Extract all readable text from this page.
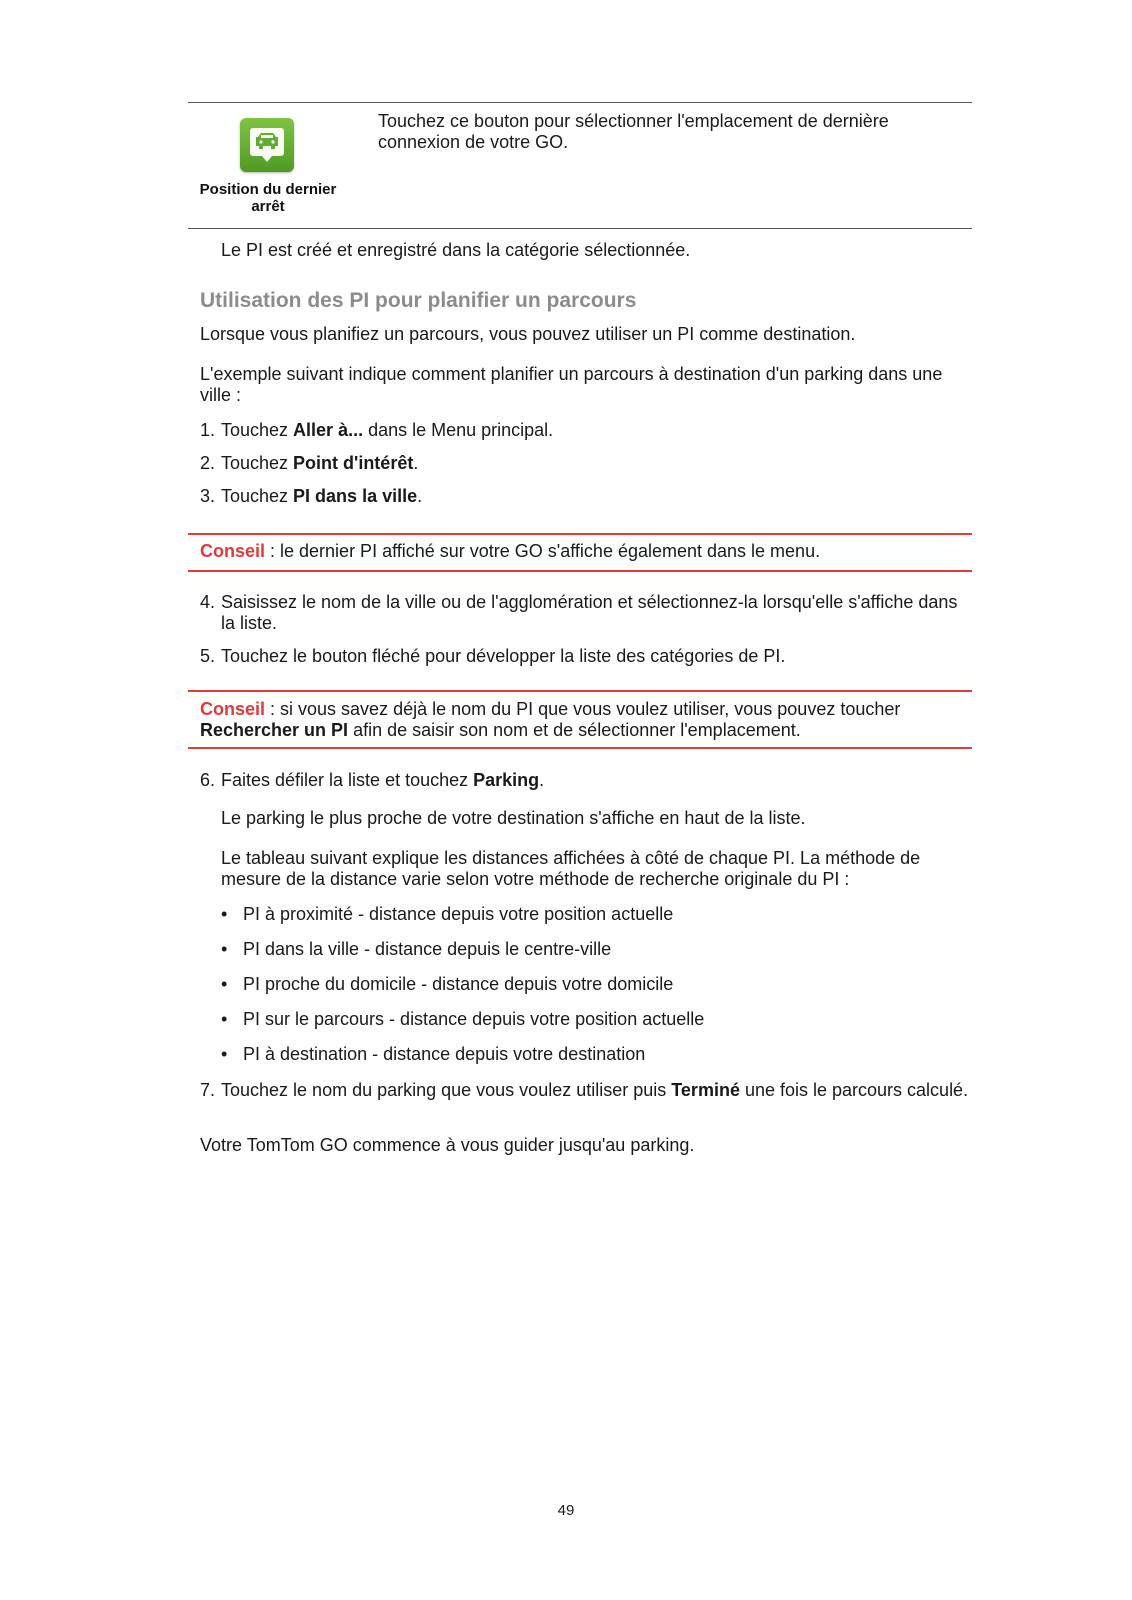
Position du dernier arrêt
Touchez ce bouton pour sélectionner l'emplacement de dernière connexion de votre GO.
Le PI est créé et enregistré dans la catégorie sélectionnée.
Utilisation des PI pour planifier un parcours
Lorsque vous planifiez un parcours, vous pouvez utiliser un PI comme destination.
L'exemple suivant indique comment planifier un parcours à destination d'un parking dans une ville :
1. Touchez Aller à... dans le Menu principal.
2. Touchez Point d'intérêt.
3. Touchez PI dans la ville.
Conseil : le dernier PI affiché sur votre GO s'affiche également dans le menu.
4. Saisissez le nom de la ville ou de l'agglomération et sélectionnez-la lorsqu'elle s'affiche dans la liste.
5. Touchez le bouton fléché pour développer la liste des catégories de PI.
Conseil : si vous savez déjà le nom du PI que vous voulez utiliser, vous pouvez toucher Rechercher un PI afin de saisir son nom et de sélectionner l'emplacement.
6. Faites défiler la liste et touchez Parking.
Le parking le plus proche de votre destination s'affiche en haut de la liste.
Le tableau suivant explique les distances affichées à côté de chaque PI. La méthode de mesure de la distance varie selon votre méthode de recherche originale du PI :
• PI à proximité - distance depuis votre position actuelle
• PI dans la ville - distance depuis le centre-ville
• PI proche du domicile - distance depuis votre domicile
• PI sur le parcours - distance depuis votre position actuelle
• PI à destination - distance depuis votre destination
7. Touchez le nom du parking que vous voulez utiliser puis Terminé une fois le parcours calculé.
Votre TomTom GO commence à vous guider jusqu'au parking.
49
